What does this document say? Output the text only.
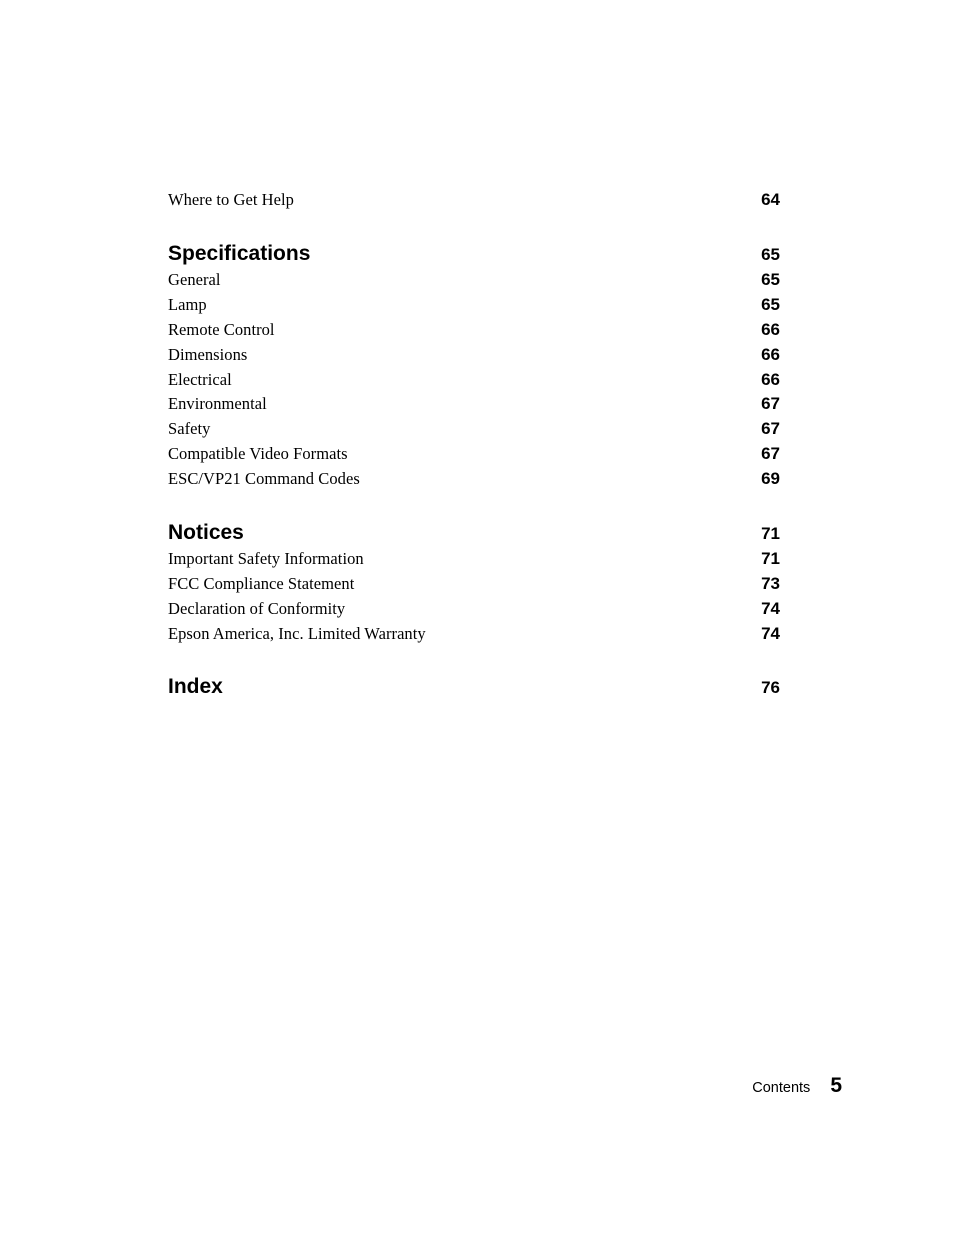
Where to Get Help	64
Specifications	65
General	65
Lamp	65
Remote Control	66
Dimensions	66
Electrical	66
Environmental	67
Safety	67
Compatible Video Formats	67
ESC/VP21 Command Codes	69
Notices	71
Important Safety Information	71
FCC Compliance Statement	73
Declaration of Conformity	74
Epson America, Inc. Limited Warranty	74
Index	76
Contents 5
